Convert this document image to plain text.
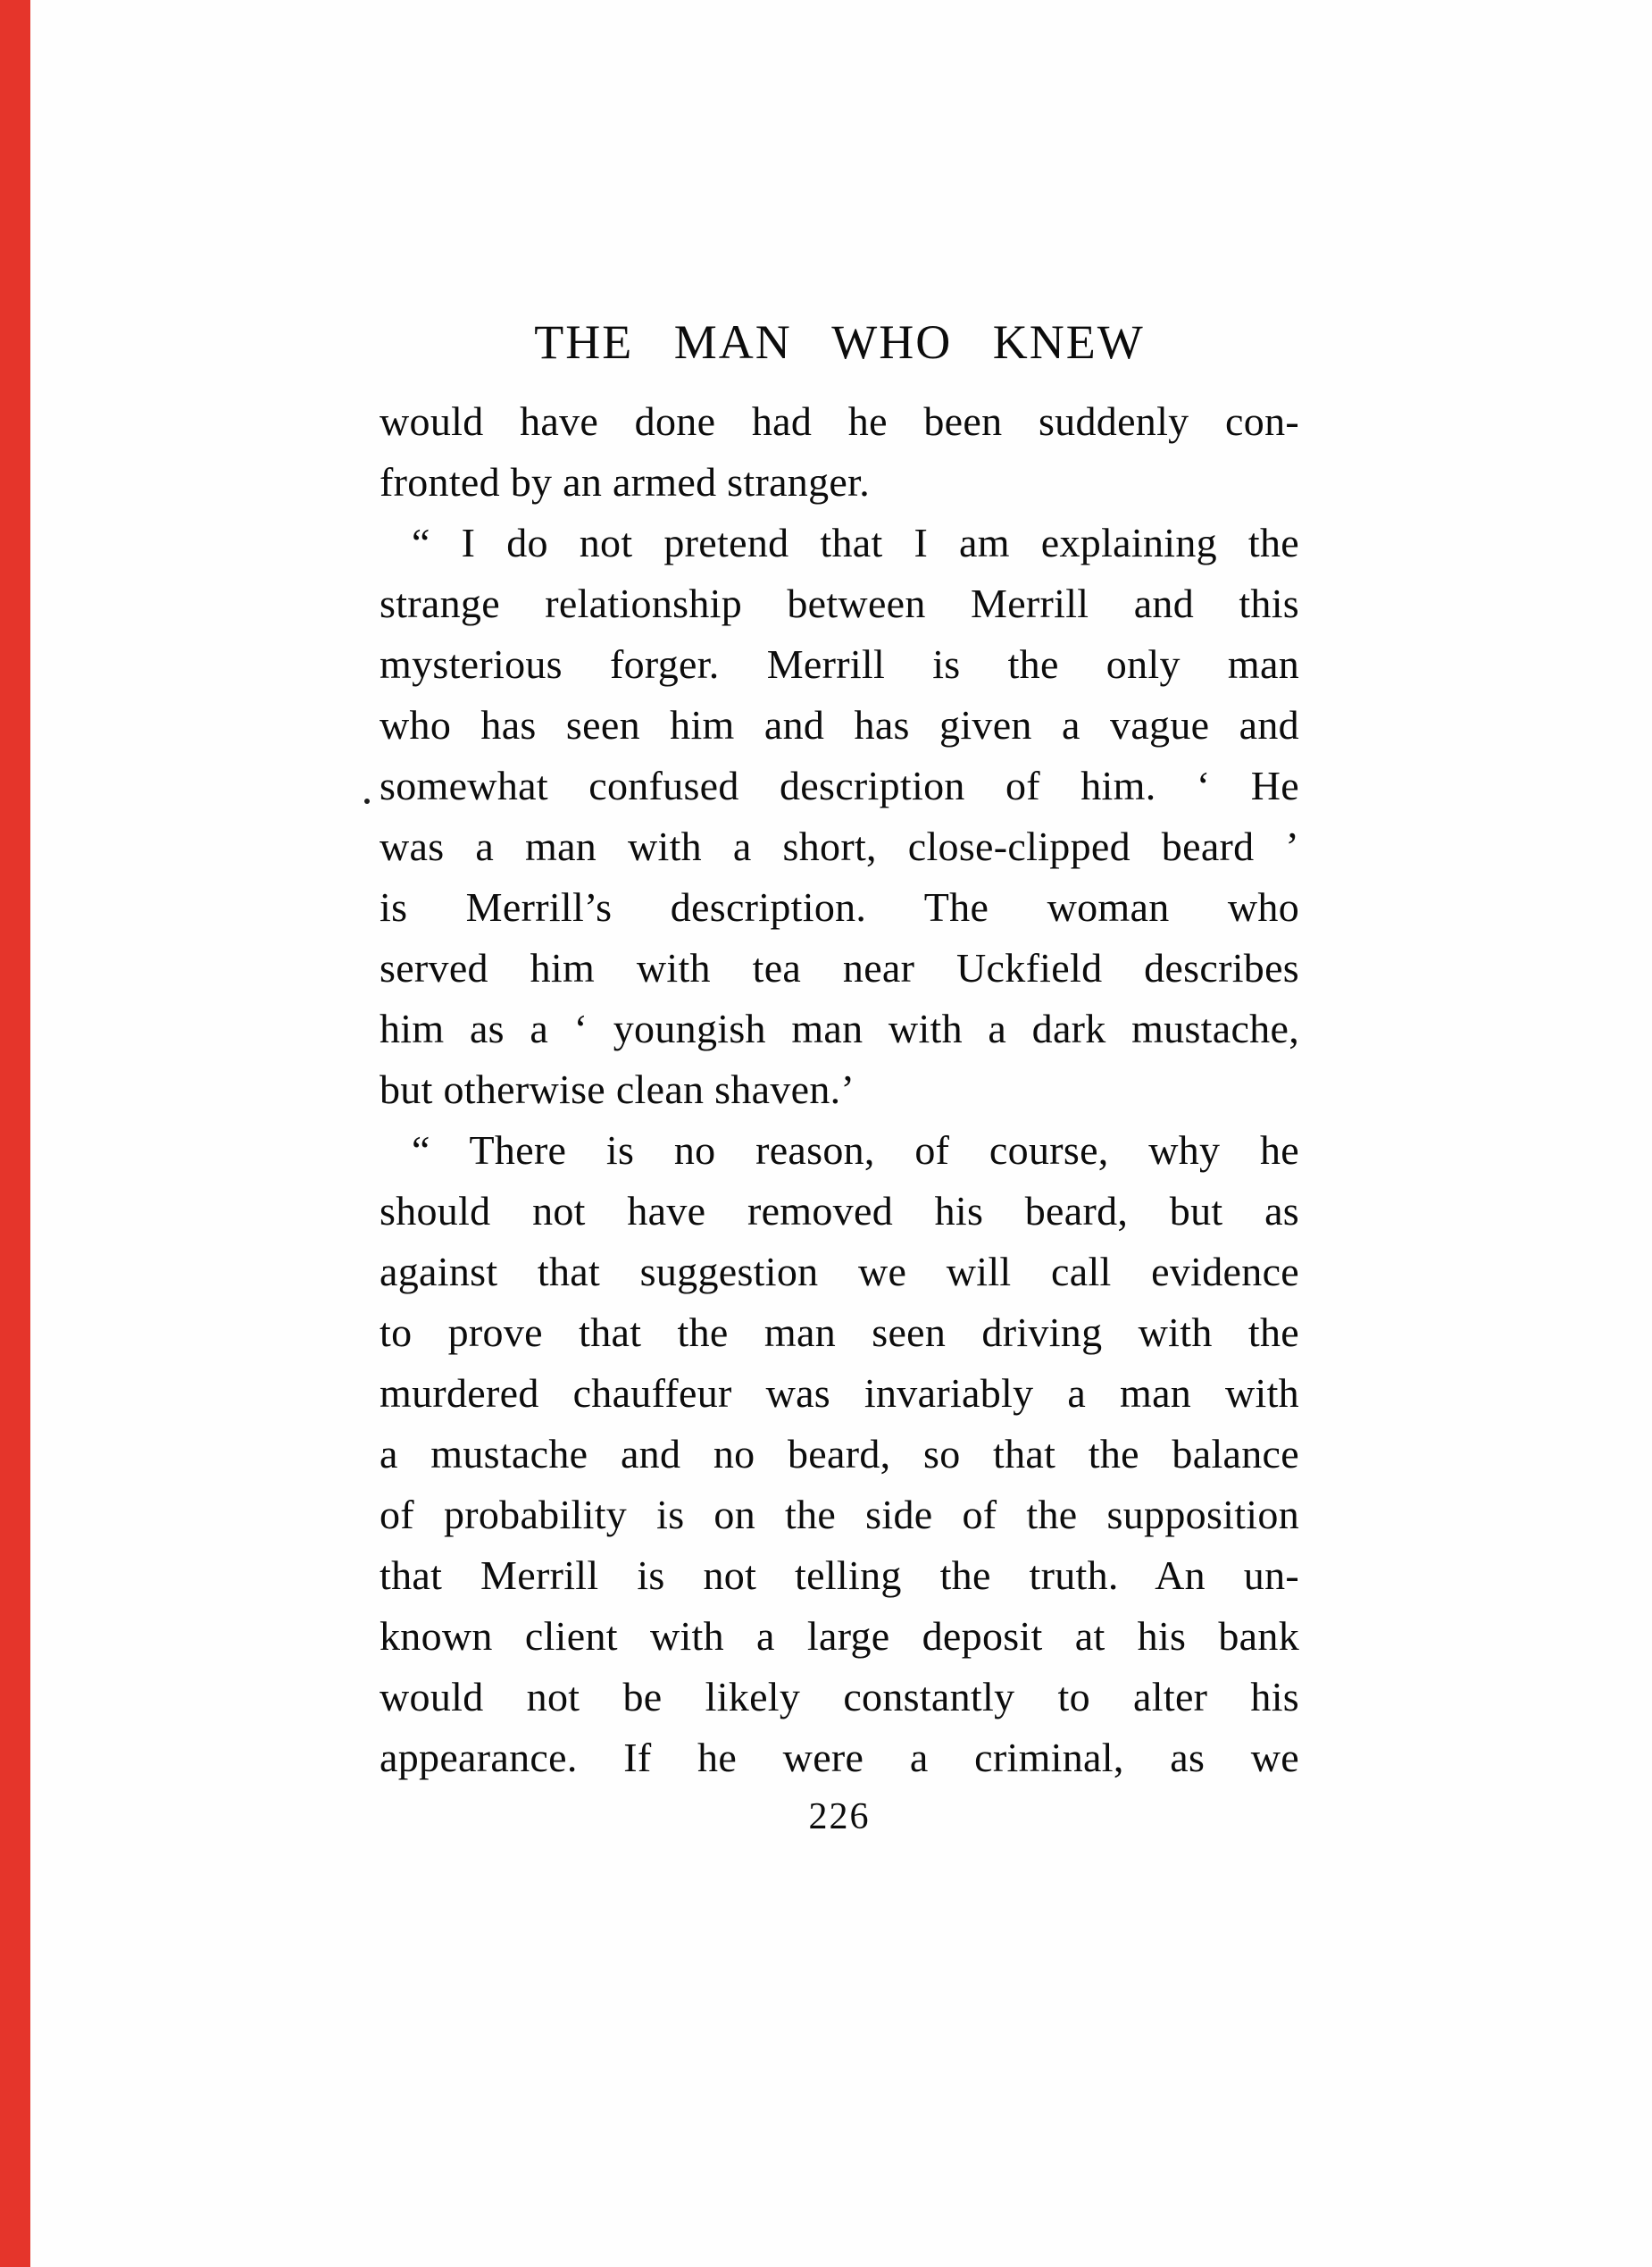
THE MAN WHO KNEW
would have done had he been suddenly con-
fronted by an armed stranger.
“ I do not pretend that I am explaining the
strange relationship between Merrill and this
mysterious forger. Merrill is the only man
who has seen him and has given a vague and
somewhat confused description of him. ‘ He
was a man with a short, close-clipped beard ’
is Merrill’s description. The woman who
served him with tea near Uckfield describes
him as a ‘ youngish man with a dark mustache,
but otherwise clean shaven.’
“ There is no reason, of course, why he
should not have removed his beard, but as
against that suggestion we will call evidence
to prove that the man seen driving with the
murdered chauffeur was invariably a man with
a mustache and no beard, so that the balance
of probability is on the side of the supposition
that Merrill is not telling the truth. An un-
known client with a large deposit at his bank
would not be likely constantly to alter his
appearance. If he were a criminal, as we
226
